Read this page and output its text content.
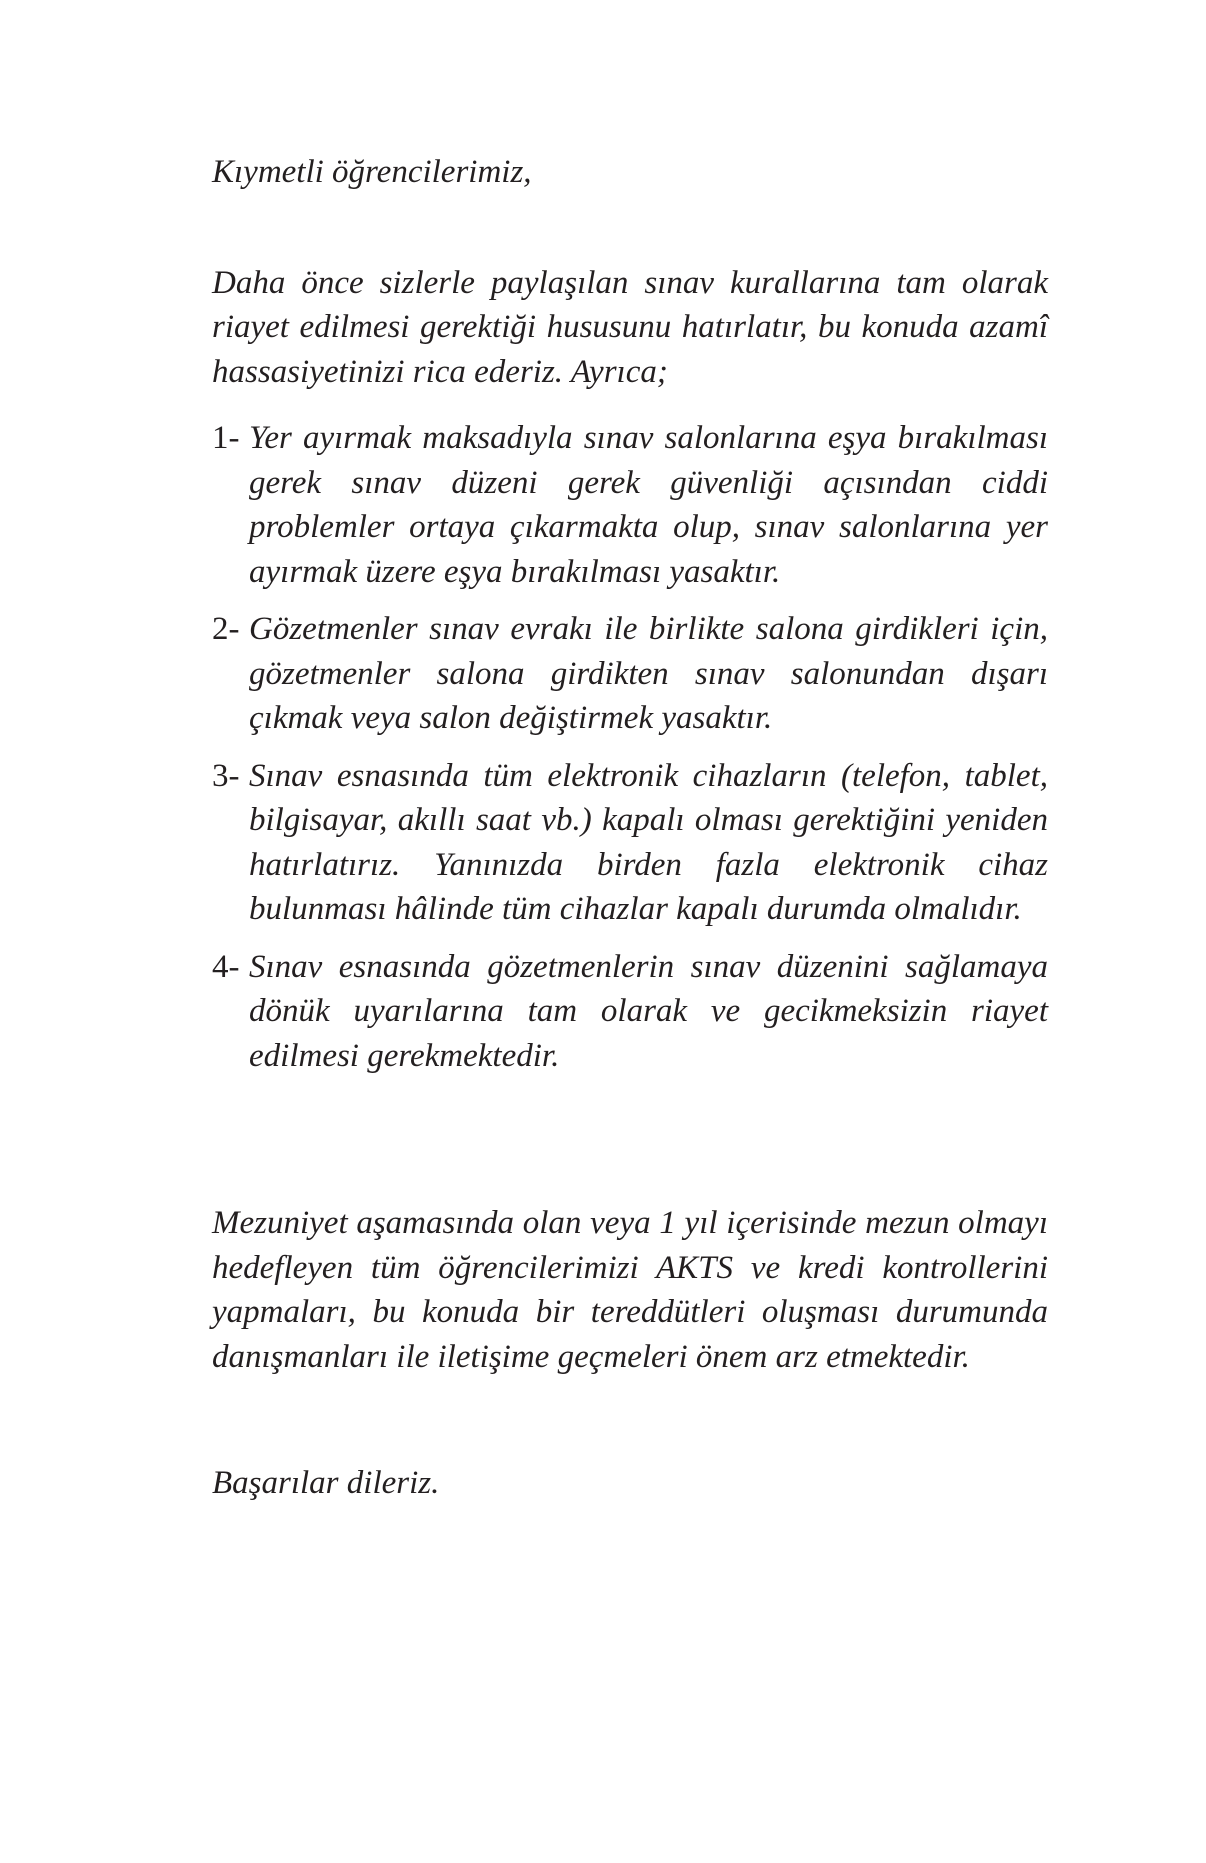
Kıymetli öğrencilerimiz,

Daha önce sizlerle paylaşılan sınav kurallarına tam olarak riayet edilmesi gerektiği hususunu hatırlatır, bu konuda azamî hassasiyetinizi rica ederiz. Ayrıca;

1- Yer ayırmak maksadıyla sınav salonlarına eşya bırakılması gerek sınav düzeni gerek güvenliği açısından ciddi problemler ortaya çıkarmakta olup, sınav salonlarına yer ayırmak üzere eşya bırakılması yasaktır.
2- Gözetmenler sınav evrakı ile birlikte salona girdikleri için, gözetmenler salona girdikten sınav salonundan dışarı çıkmak veya salon değiştirmek yasaktır.
3- Sınav esnasında tüm elektronik cihazların (telefon, tablet, bilgisayar, akıllı saat vb.) kapalı olması gerektiğini yeniden hatırlatırız. Yanınızda birden fazla elektronik cihaz bulunması hâlinde tüm cihazlar kapalı durumda olmalıdır.
4- Sınav esnasında gözetmenlerin sınav düzenini sağlamaya dönük uyarılarına tam olarak ve gecikmeksizin riayet edilmesi gerekmektedir.

Mezuniyet aşamasında olan veya 1 yıl içerisinde mezun olmayı hedefleyen tüm öğrencilerimizi AKTS ve kredi kontrollerini yapmaları, bu konuda bir tereddütleri oluşması durumunda danışmanları ile iletişime geçmeleri önem arz etmektedir.

Başarılar dileriz.
